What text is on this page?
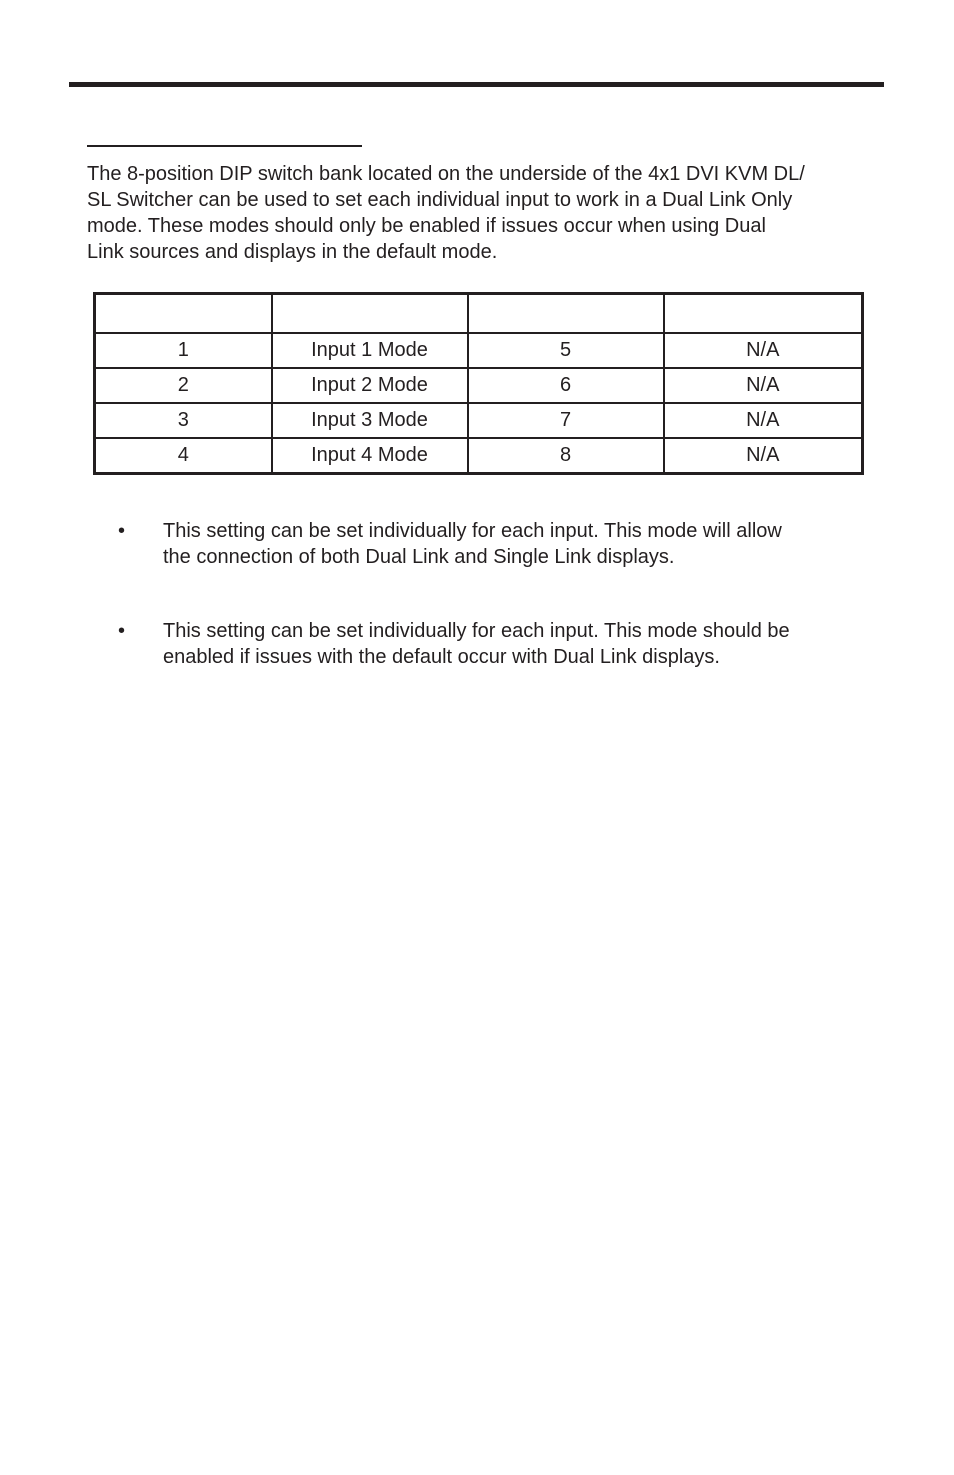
The 8-position DIP switch bank located on the underside of the 4x1 DVI KVM DL/
SL Switcher can be used to set each individual input to work in a Dual Link Only
mode. These modes should only be enabled if issues occur when using Dual
Link sources and displays in the default mode.

1	Input 1 Mode	5	N/A
2	Input 2 Mode	6	N/A
3	Input 3 Mode	7	N/A
4	Input 4 Mode	8	N/A
•	This setting can be set individually for each input. This mode will allow
the connection of both Dual Link and Single Link displays.
•	This setting can be set individually for each input. This mode should be
enabled if issues with the default occur with Dual Link displays.
